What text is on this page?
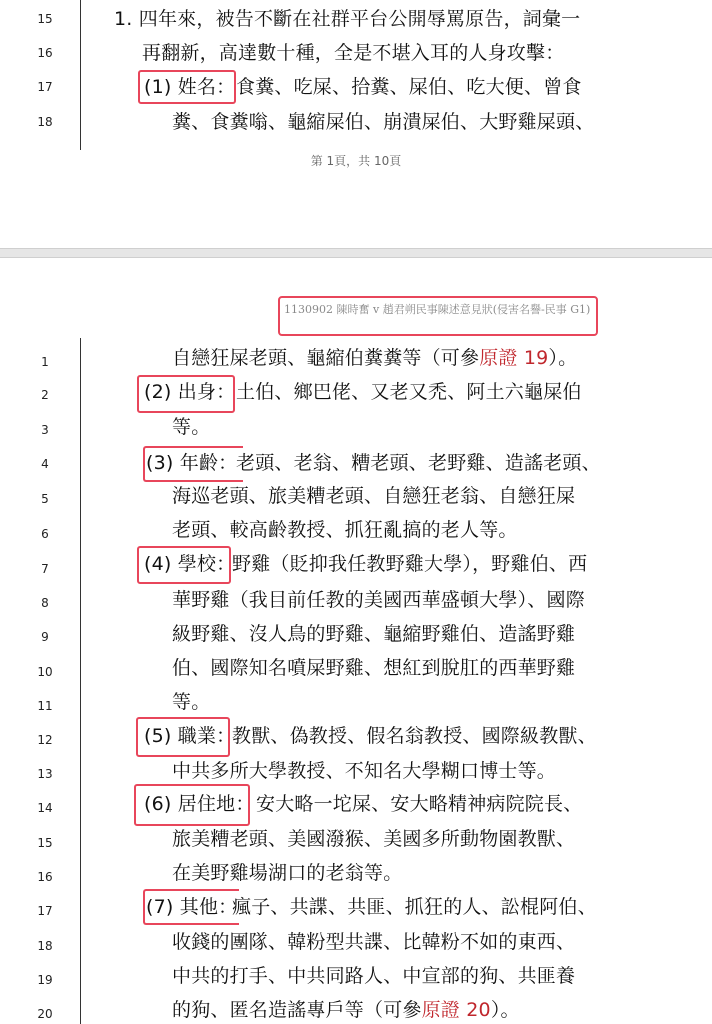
15	1. 四年來，被告不斷在社群平台公開辱罵原告，詞彙一
16	再翻新，高達數十種，全是不堪入耳的人身攻擊：
17	(1) 姓名： 食糞、吃屎、拾糞、屎伯、吃大便、曾食
18	糞、食糞嗡、龜縮屎伯、崩潰屎伯、大野雞屎頭、
第 1頁，共 10頁
1130902 陳時奮 v 趙君朔民事陳述意見狀(侵害名譽-民事 G1)
1	自戀狂屎老頭、龜縮伯糞糞等（可參原證 19）。
2	(2) 出身： 土伯、鄉巴佬、又老又禿、阿土六龜屎伯
3	等。
4	(3) 年齡：
老頭、老翁、糟老頭、老野雞、造謠老頭、
5	海巡老頭、旅美糟老頭、自戀狂老翁、自戀狂屎
6	老頭、較高齡教授、抓狂亂搞的老人等。
7	(4) 學校：
野雞（貶抑我任教野雞大學），野雞伯、西
8	華野雞（我目前任教的美國西華盛頓大學）、國際
9	級野雞、沒人鳥的野雞、龜縮野雞伯、造謠野雞
10	伯、國際知名噴屎野雞、想紅到脫肛的西華野雞
11	等。
12	(5) 職業：
教獸、偽教授、假名翁教授、國際級教獸、
13	中共多所大學教授、不知名大學糊口博士等。
14	(6) 居住地： 安大略一坨屎、安大略精神病院院長、
15	旅美糟老頭、美國潑猴、美國多所動物園教獸、
16	在美野雞場湖口的老翁等。
17	(7) 其他：
瘋子、共諜、共匪、抓狂的人、訟棍阿伯、
18	收錢的團隊、韓粉型共諜、比韓粉不如的東西、
19	中共的打手、中共同路人、中宣部的狗、共匪養
20	的狗、匿名造謠專戶等（可參原證 20）。
